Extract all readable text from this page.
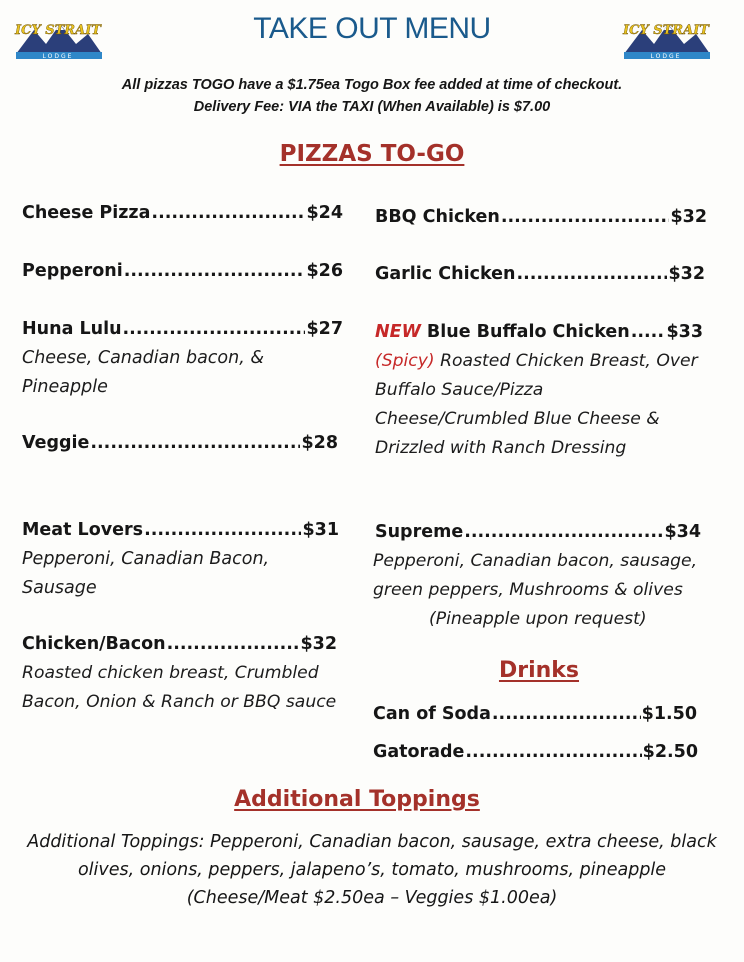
ICY STRAIT
LODGE
ICY STRAIT
LODGE
TAKE OUT MENU
All pizzas TOGO have a $1.75ea Togo Box fee added at time of checkout.
Delivery Fee: VIA the TAXI (When Available) is $7.00
PIZZAS TO-GO
Cheese Pizza .....	$24
Pepperoni .....	$26
Huna Lulu .....	$27
Cheese, Canadian bacon, &
Pineapple
Veggie .....	$28
Meat Lovers .....	$31
Pepperoni, Canadian Bacon,
Sausage
Chicken/Bacon .....	$32
Roasted chicken breast, Crumbled
Bacon, Onion & Ranch or BBQ sauce
BBQ Chicken .....	$32
Garlic Chicken .....	$32
NEW Blue Buffalo Chicken ..... $33
(Spicy) Roasted Chicken Breast, Over
Buffalo Sauce/Pizza
Cheese/Crumbled Blue Cheese &
Drizzled with Ranch Dressing
Supreme .....	$34
Pepperoni, Canadian bacon, sausage,
green peppers, Mushrooms & olives
(Pineapple upon request)
Drinks
Can of Soda .....	$1.50
Gatorade .....	$2.50
Additional Toppings
Additional Toppings: Pepperoni, Canadian bacon, sausage, extra cheese, black
olives, onions, peppers, jalapeno’s, tomato, mushrooms, pineapple
(Cheese/Meat $2.50ea – Veggies $1.00ea)
